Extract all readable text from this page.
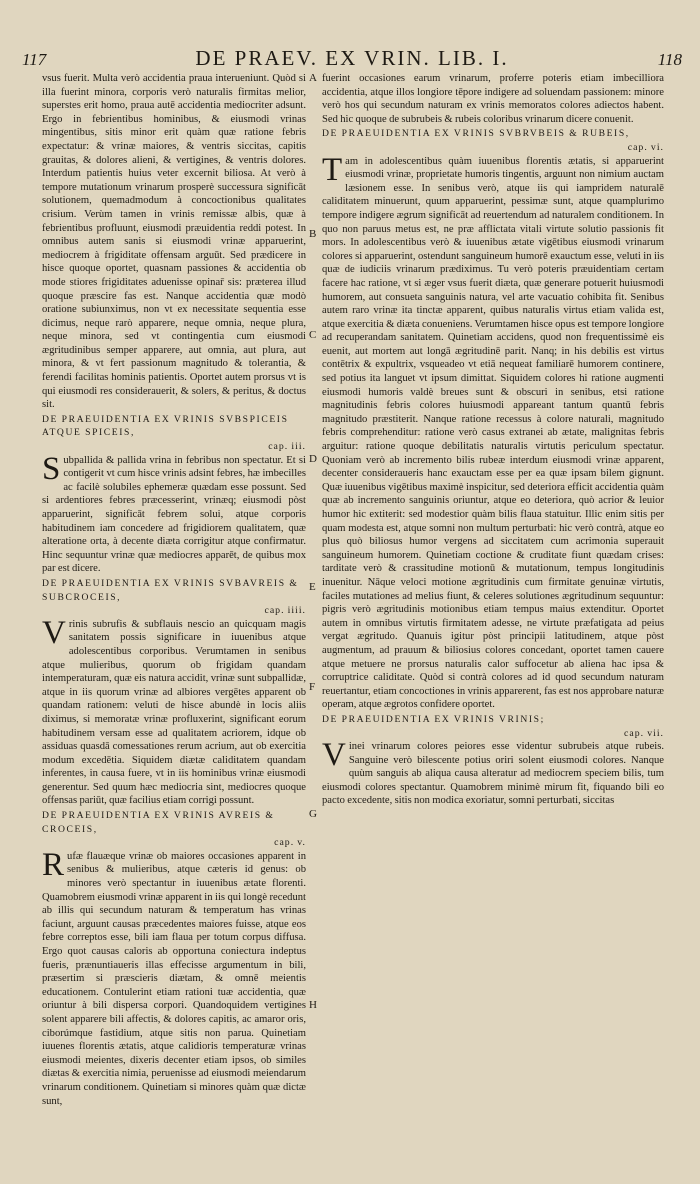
117	DE PRAEV. EX VRIN. LIB. I.	118

vsus fuerit. Multa verò accidentia praua interueniunt. Quòd si illa fuerint minora, corporis verò naturalis firmitas melior, superstes erit homo, praua autē accidentia mediocriter adsunt. Ergo in febrientibus hominibus, & eiusmodi vrinas mingentibus, sitis minor erit quàm quæ ratione febris expectatur: & vrinæ maiores, & ventris siccitas, capitis grauitas, & dolores alieni, & vertigines, & ventris dolores. Interdum patientis huius veter excernit biliosa. At verò à tempore mutationum vrinarum prosperè successura significāt solutionem, quemadmodum à concoctionibus qualitates crisium. Verùm tamen in vrinis remissæ albis, quæ à febrientibus profluunt, eiusmodi præuidentia reddi potest. In omnibus autem sanis si eiusmodi vrinæ apparuerint, mediocrem à frigiditate offensam arguūt. Sed prædicere in hisce quoque oportet, quasnam passiones & accidentia ob mode stiores frigiditates aduenisse opinar̄ sis: præterea illud quoque præscire fas est. Nanque accidentia quæ modò oratione subiunximus, non vt ex necessitate sequentia esse dicimus, neque rarò apparere, neque omnia, neque plura, neque minora, sed vt contingentia cum eiusmodi ægritudinibus semper apparere, aut omnia, aut plura, aut minora, & vt fert passionum magnitudo & tolerantia, & ferendi facilitas hominis patientis. Oportet autem prorsus vt is qui eiusmodi res considerauerit, & solers, & peritus, & doctus sit.

DE PRAEUIDENTIA EX VRINIS SVBSPICEIS ATQUE SPICEIS,
cap. iii.

Subpallida & pallida vrina in febribus non spectatur. Et si contigerit vt cum hisce vrinis adsint febres, hæ imbecilles ac facilè solubiles ephemeræ quædam esse possunt. Sed si ardentiores febres præcesserint, vrinæq; eiusmodi pòst apparuerint, significāt febrem solui, atque corporis habitudinem iam concedere ad frigidiorem qualitatem, quæ alteratione orta, à decente diæta corrigitur atque confirmatur. Hinc sequuntur vrinæ quæ mediocres apparēt, de quibus mox par est dicere.

DE PRAEUIDENTIA EX VRINIS SVBAVREIS & SUBCROCEIS,
cap. iiii.

Vrinis subrufis & subflauis nescio an quicquam magis sanitatem possis significare in iuuenibus atque adolescentibus corporibus. Verumtamen in senibus atque mulieribus, quorum ob frigidam quandam intemperaturam, quæ eis natura accidit, vrinæ sunt subpallidæ, atque in iis quorum vrinæ ad albiores vergētes apparent ob quandam rationem: veluti de hisce abundè in locis aliis diximus, si memoratæ vrinæ profluxerint, significant eorum habitudinem versam esse ad qualitatem acriorem, idque ob assiduas quasdā comessationes rerum acrium, aut ob exercitia modum excedētia. Siquidem diætæ caliditatem quandam inferentes, in causa fuere, vt in iis hominibus vrinæ eiusmodi generentur. Sed quum hæc mediocria sint, mediocres quoque offensas pariūt, quæ facilius etiam corrigi possunt.

DE PRAEUIDENTIA EX VRINIS AVREIS & CROCEIS,
cap. v.

Rufæ flauæque vrinæ ob maiores occasiones apparent in senibus & mulieribus, atque cæteris id genus: ob minores verò spectantur in iuuenibus ætate florenti. Quamobrem eiusmodi vrinæ apparent in iis qui longè recedunt ab illis qui secundum naturam & temperatum has vrinas faciunt, arguunt causas præcedentes maiores fuisse, atque eos febre correptos esse, bili iam flaua per totum corpus diffusa. Ergo quot causas caloris ab opportuna coniectura indeptus fueris, prænuntiaueris illas effecisse argumentum in bili, præsertim si præscieris diætam, & omnē meientis educationem. Contulerint etiam rationi tuæ accidentia, quæ oriuntur à bili dispersa corpori. Quandoquidem vertigines solent apparere bili affectis, & dolores capitis, ac amaror oris, ciborúmque fastidium, atque sitis non parua. Quinetiam iuuenes florentis ætatis, atque calidioris temperaturæ vrinas eiusmodi meientes, dixeris decenter etiam ipsos, ob similes diætas & exercitia nimia, peruenisse ad eiusmodi meiendarum vrinarum conditionem. Quinetiam si minores quàm quæ dictæ sunt,

A
B
C
D
E
F
G
H

fuerint occasiones earum vrinarum, proferre poteris etiam imbecilliora accidentia, atque illos longiore tēpore indigere ad soluendam passionem: minore verò hos qui secundum naturam ex vrinis memoratos colores adiectos habent. Sed hic quoque de subrubeis & rubeis coloribus vrinarum dicere conuenit.

DE PRAEUIDENTIA EX VRINIS SVBRVBEIS & RUBEIS,
cap. vi.

Tam in adolescentibus quàm iuuenibus florentis ætatis, si apparuerint eiusmodi vrinæ, proprietate humoris tingentis, arguunt non nimium auctam læsionem esse. In senibus verò, atque iis qui iampridem naturalē caliditatem minuerunt, quum apparuerint, pessimæ sunt, atque quamplurimo tempore indigere ægrum significāt ad reuertendum ad naturalem conditionem. In quo non paruus metus est, ne præ afflictata vitali virtute solutio passionis fit mors. In adolescentibus verò & iuuenibus ætate vigētibus eiusmodi vrinarum colores si apparuerint, ostendunt sanguineum humorē exauctum esse, veluti in iis quæ de iudiciis vrinarum prædiximus. Tu verò poteris præuidentiam certam facere hac ratione, vt si æger vsus fuerit diæta, quæ generare potuerit huiusmodi humorem, aut consueta sanguinis natura, vel arte vacuatio cohibita fit. Senibus autem raro vrinæ ita tinctæ apparent, quibus naturalis virtus etiam valida est, atque exercitia & diæta conueniens. Verumtamen hisce opus est tempore longiore ad recuperandam sanitatem. Quinetiam accidens, quod non frequentissimè eis euenit, aut mortem aut longā ægritudinē parit. Nanq; in his debilis est virtus contētrix & expultrix, vsqueadeo vt etiā nequeat familiarē humorem continere, sed potius ita languet vt ipsum dimittat. Siquidem colores hi ratione augmenti eiusmodi humoris valdè breues sunt & obscuri in senibus, etsi ratione magnitudinis febris colores huiusmodi appareant tantum quantū febris magnitudo præstiterit. Nanque ratione recessus à colore naturali, magnitudo febris comprehenditur: ratione verò casus extranei ab ætate, malignitas febris arguitur: ratione quoque debilitatis naturalis virtutis periculum spectatur. Quoniam verò ab incremento bilis rubeæ interdum eiusmodi vrinæ apparent, decenter consideraueris hanc exauctam esse per ea quæ ipsam bilem gignunt. Quæ iuuenibus vigētibus maximè inspicitur, sed deteriora efficit accidentia quàm quæ ab incremento sanguinis oriuntur, atque eo deteriora, quò acrior & leuior humor hic extiterit: sed modestior quàm bilis flaua statuitur. Illic enim sitis per quam modesta est, atque somni non multum perturbati: hic verò contrà, atque eo plus quò biliosus humor vergens ad siccitatem cum acrimonia superauit sanguineum humorem. Quinetiam coctione & cruditate fiunt quædam crises: tarditate verò & crassitudine motionū & mutationum, tempus longitudinis inuenitur. Nāque veloci motione ægritudinis cum firmitate genuinæ virtutis, faciles mutationes ad melius fiunt, & celeres solutiones ægritudinum sequuntur: pigris verò ægritudinis motionibus etiam tempus maius extenditur. Oportet autem in omnibus virtutis firmitatem adesse, ne virtute præfatigata ad peius vergat ægritudo. Quanuis igitur pòst principii latitudinem, atque pòst augmentum, ad prauum & biliosius colores concedant, oportet tamen cauere atque metuere ne prorsus naturalis calor suffocetur ab aliena hac ipsa & corruptrice caliditate. Quòd si contrà colores ad id quod secundum naturam reuertantur, etiam concoctiones in vrinis apparerent, fas est nos approbare naturæ operam, atque ægrotos confidere oportet.

DE PRAEUIDENTIA EX VRINIS VRINIS;
cap. vii.

Vinei vrinarum colores peiores esse videntur subrubeis atque rubeis. Sanguine verò bilescente potius oriri solent eiusmodi colores. Nanque quùm sanguis ab aliqua causa alteratur ad mediocrem speciem bilis, tum eiusmodi colores spectantur. Quamobrem minimè mirum fit, fiquando bili eo pacto excedente, sitis non modica exoriatur, somni perturbati, siccitas
